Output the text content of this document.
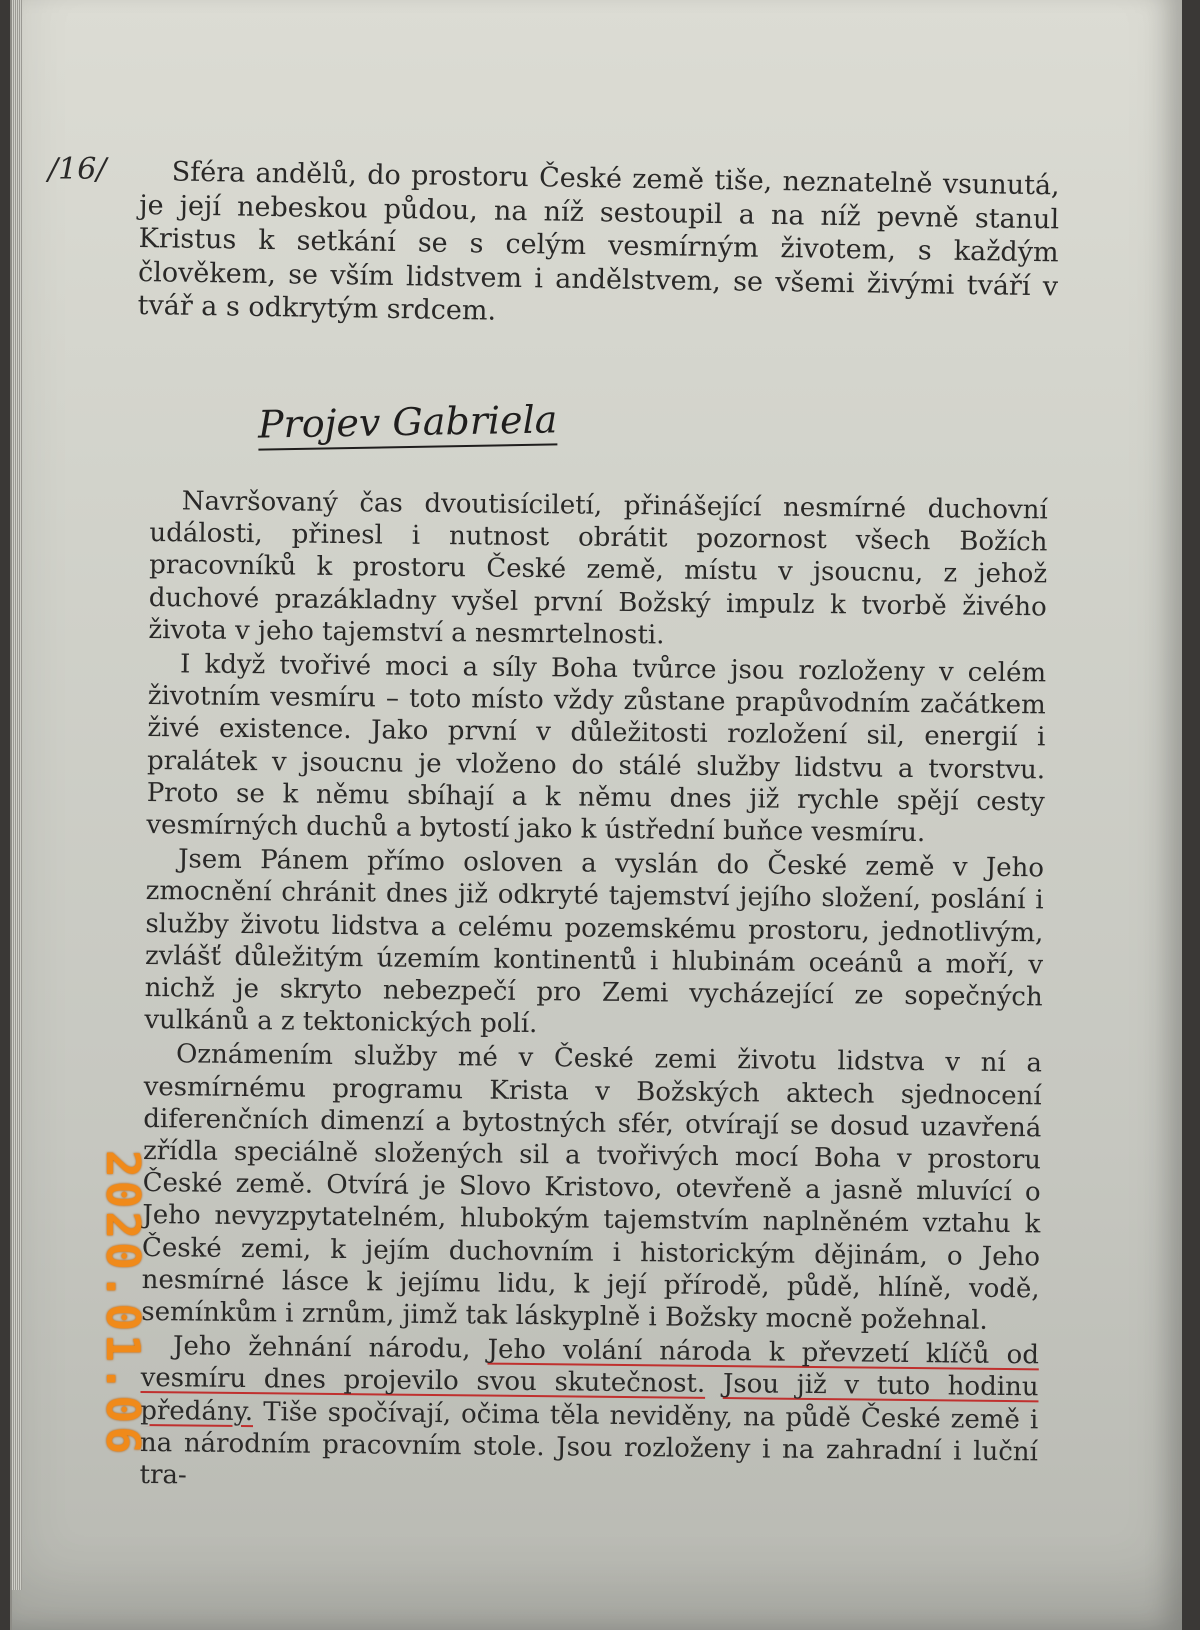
/16/	Sféra andělů, do prostoru České země tiše, neznatelně vsunutá, je její nebeskou půdou, na níž sestoupil a na níž pevně stanul Kristus k setkání se s celým vesmírným životem, s každým člověkem, se vším lidstvem i andělstvem, se všemi živými tváří v tvář a s odkrytým srdcem.

Projev Gabriela

Navršovaný čas dvoutisíciletí, přinášející nesmírné duchovní události, přinesl i nutnost obrátit pozornost všech Božích pracovníků k prostoru České země, místu v jsoucnu, z jehož duchové prazákladny vyšel první Božský impulz k tvorbě živého života v jeho tajemství a nesmrtelnosti.

I když tvořivé moci a síly Boha tvůrce jsou rozloženy v celém životním vesmíru – toto místo vždy zůstane prapůvodním začátkem živé existence. Jako první v důležitosti rozložení sil, energií i pralátek v jsoucnu je vloženo do stálé služby lidstvu a tvorstvu. Proto se k němu sbíhají a k němu dnes již rychle spějí cesty vesmírných duchů a bytostí jako k ústřední buňce vesmíru.

Jsem Pánem přímo osloven a vyslán do České země v Jeho zmocnění chránit dnes již odkryté tajemství jejího složení, poslání i služby životu lidstva a celému pozemskému prostoru, jednotlivým, zvlášť důležitým územím kontinentů i hlubinám oceánů a moří, v nichž je skryto nebezpečí pro Zemi vycházející ze sopečných vulkánů a z tektonických polí.

Oznámením služby mé v České zemi životu lidstva v ní a vesmírnému programu Krista v Božských aktech sjednocení diferenčních dimenzí a bytostných sfér, otvírají se dosud uzavřená zřídla speciálně složených sil a tvořivých mocí Boha v prostoru České země. Otvírá je Slovo Kristovo, otevřeně a jasně mluvící o Jeho nevyzpytatelném, hlubokým tajemstvím naplněném vztahu k České zemi, k jejím duchovním i historickým dějinám, o Jeho nesmírné lásce k jejímu lidu, k její přírodě, půdě, hlíně, vodě, semínkům i zrnům, jimž tak láskyplně i Božsky mocně požehnal.

Jeho žehnání národu, Jeho volání národa k převzetí klíčů od vesmíru dnes projevilo svou skutečnost. Jsou již v tuto hodinu předány. Tiše spočívají, očima těla neviděny, na půdě České země i na národním pracovním stole. Jsou rozloženy i na zahradní i luční tra-

2020.01.06
